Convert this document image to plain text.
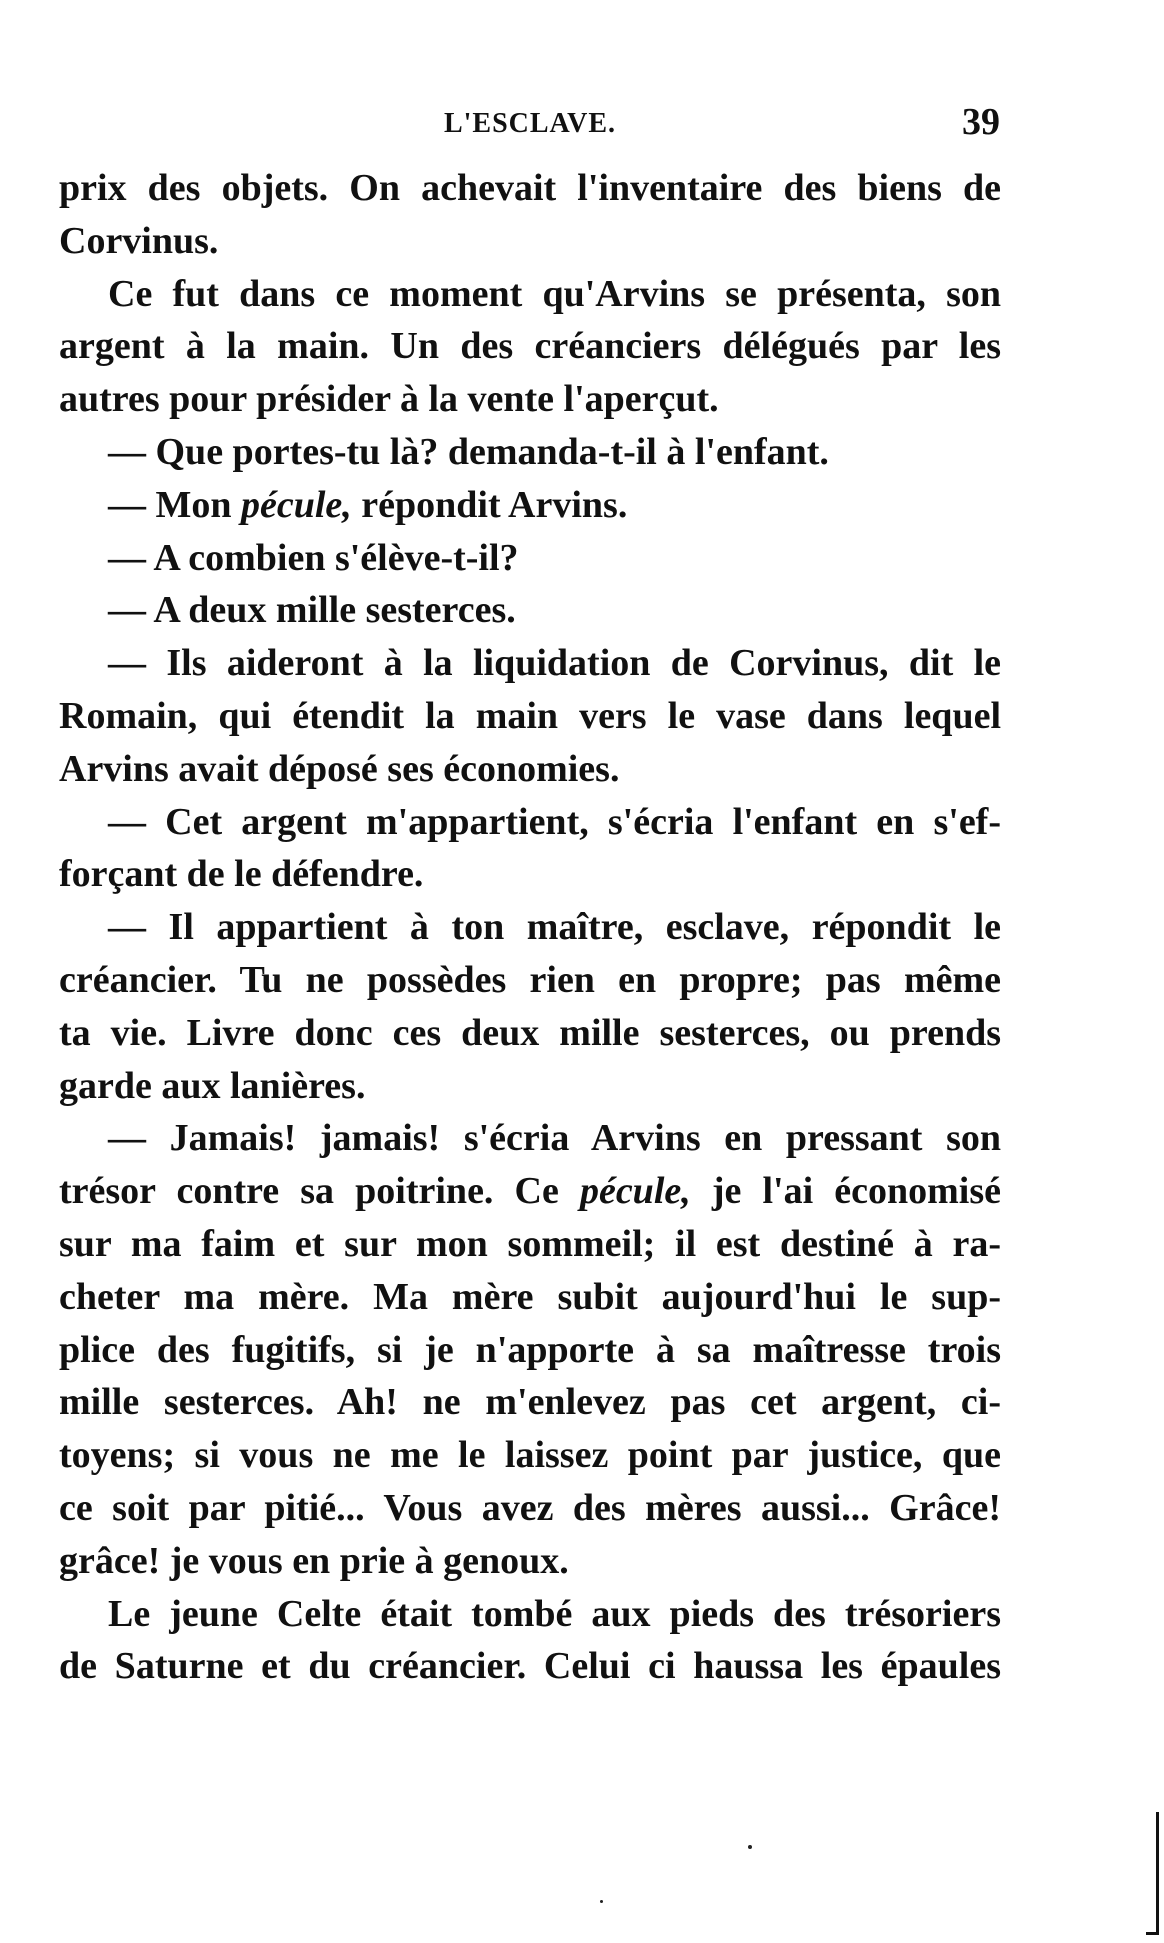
L'ESCLAVE.	39
prix des objets. On achevait l'inventaire des biens de
Corvinus.
Ce fut dans ce moment qu'Arvins se présenta, son
argent à la main. Un des créanciers délégués par les
autres pour présider à la vente l'aperçut.
— Que portes-tu là? demanda-t-il à l'enfant.
— Mon pécule, répondit Arvins.
— A combien s'élève-t-il?
— A deux mille sesterces.
— Ils aideront à la liquidation de Corvinus, dit le
Romain, qui étendit la main vers le vase dans lequel
Arvins avait déposé ses économies.
— Cet argent m'appartient, s'écria l'enfant en s'ef-
forçant de le défendre.
— Il appartient à ton maître, esclave, répondit le
créancier. Tu ne possèdes rien en propre; pas même
ta vie. Livre donc ces deux mille sesterces, ou prends
garde aux lanières.
— Jamais! jamais! s'écria Arvins en pressant son
trésor contre sa poitrine. Ce pécule, je l'ai économisé
sur ma faim et sur mon sommeil; il est destiné à ra-
cheter ma mère. Ma mère subit aujourd'hui le sup-
plice des fugitifs, si je n'apporte à sa maîtresse trois
mille sesterces. Ah! ne m'enlevez pas cet argent, ci-
toyens; si vous ne me le laissez point par justice, que
ce soit par pitié... Vous avez des mères aussi... Grâce!
grâce! je vous en prie à genoux.
Le jeune Celte était tombé aux pieds des trésoriers
de Saturne et du créancier. Celui ci haussa les épaules
